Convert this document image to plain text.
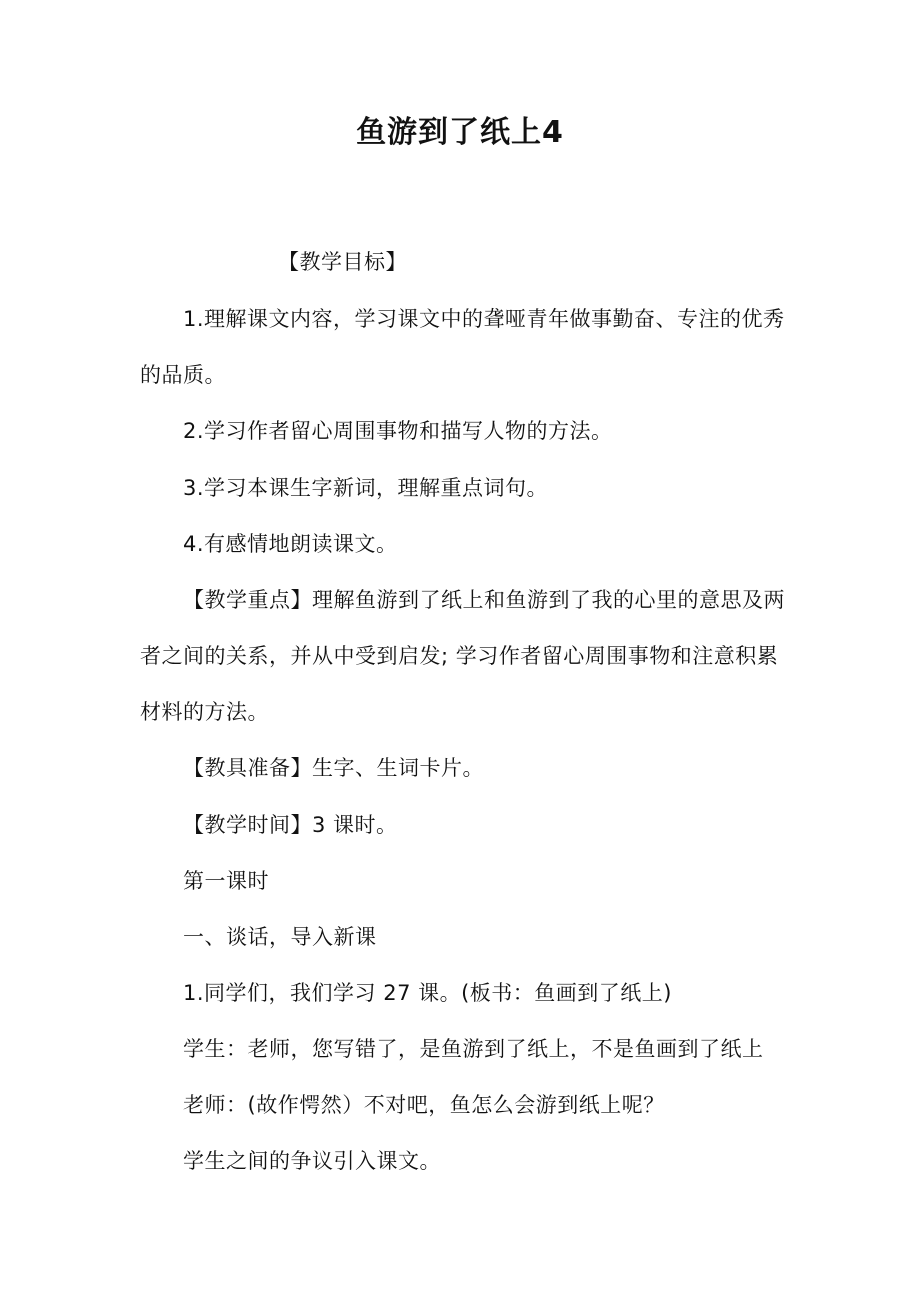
鱼游到了纸上4
【教学目标】
1.理解课文内容，学习课文中的聋哑青年做事勤奋、专注的优秀
的品质。
2.学习作者留心周围事物和描写人物的方法。
3.学习本课生字新词，理解重点词句。
4.有感情地朗读课文。
【教学重点】理解鱼游到了纸上和鱼游到了我的心里的意思及两
者之间的关系，并从中受到启发; 学习作者留心周围事物和注意积累
材料的方法。
【教具准备】生字、生词卡片。
【教学时间】3 课时。
第一课时
一、谈话，导入新课
1.同学们，我们学习 27 课。(板书：鱼画到了纸上)
学生：老师，您写错了，是鱼游到了纸上，不是鱼画到了纸上
老师：(故作愕然）不对吧，鱼怎么会游到纸上呢？
学生之间的争议引入课文。
